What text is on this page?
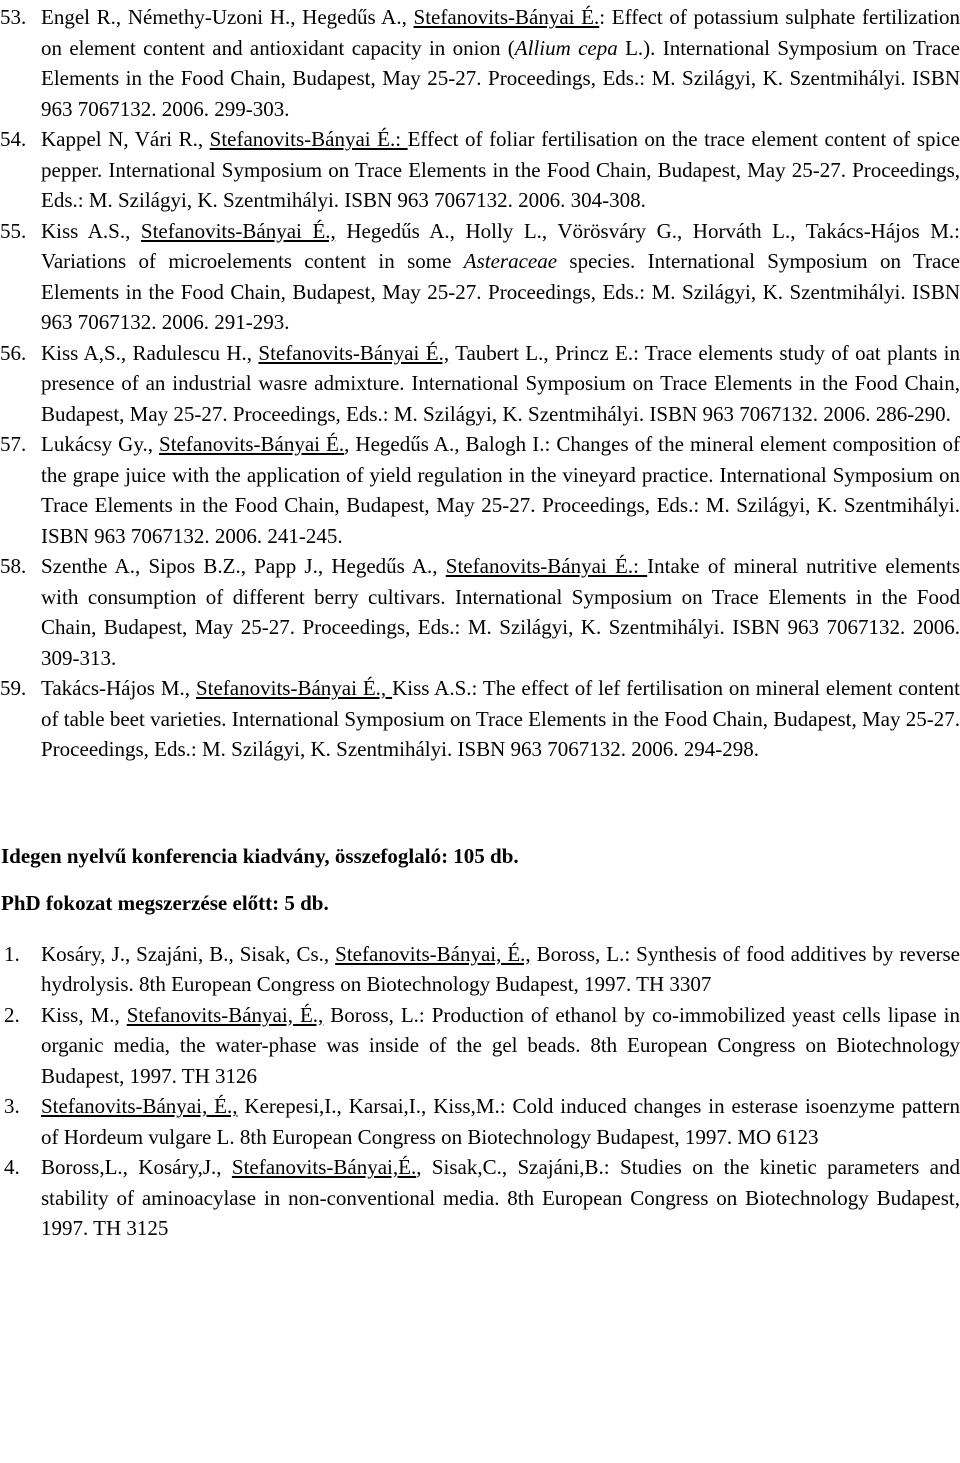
53. Engel R., Némethy-Uzoni H., Hegedűs A., Stefanovits-Bányai É.: Effect of potassium sulphate fertilization on element content and antioxidant capacity in onion (Allium cepa L.). International Symposium on Trace Elements in the Food Chain, Budapest, May 25-27. Proceedings, Eds.: M. Szilágyi, K. Szentmihályi. ISBN 963 7067132. 2006. 299-303.
54. Kappel N, Vári R., Stefanovits-Bányai É.: Effect of foliar fertilisation on the trace element content of spice pepper. International Symposium on Trace Elements in the Food Chain, Budapest, May 25-27. Proceedings, Eds.: M. Szilágyi, K. Szentmihályi. ISBN 963 7067132. 2006. 304-308.
55. Kiss A.S., Stefanovits-Bányai É., Hegedűs A., Holly L., Vörösváry G., Horváth L., Takács-Hájos M.: Variations of microelements content in some Asteraceae species. International Symposium on Trace Elements in the Food Chain, Budapest, May 25-27. Proceedings, Eds.: M. Szilágyi, K. Szentmihályi. ISBN 963 7067132. 2006. 291-293.
56. Kiss A,S., Radulescu H., Stefanovits-Bányai É., Taubert L., Princz E.: Trace elements study of oat plants in presence of an industrial wasre admixture. International Symposium on Trace Elements in the Food Chain, Budapest, May 25-27. Proceedings, Eds.: M. Szilágyi, K. Szentmihályi. ISBN 963 7067132. 2006. 286-290.
57. Lukácsy Gy., Stefanovits-Bányai É., Hegedűs A., Balogh I.: Changes of the mineral element composition of the grape juice with the application of yield regulation in the vineyard practice. International Symposium on Trace Elements in the Food Chain, Budapest, May 25-27. Proceedings, Eds.: M. Szilágyi, K. Szentmihályi. ISBN 963 7067132. 2006. 241-245.
58. Szenthe A., Sipos B.Z., Papp J., Hegedűs A., Stefanovits-Bányai É.: Intake of mineral nutritive elements with consumption of different berry cultivars. International Symposium on Trace Elements in the Food Chain, Budapest, May 25-27. Proceedings, Eds.: M. Szilágyi, K. Szentmihályi. ISBN 963 7067132. 2006. 309-313.
59. Takács-Hájos M., Stefanovits-Bányai É., Kiss A.S.: The effect of lef fertilisation on mineral element content of table beet varieties. International Symposium on Trace Elements in the Food Chain, Budapest, May 25-27. Proceedings, Eds.: M. Szilágyi, K. Szentmihályi. ISBN 963 7067132. 2006. 294-298.

Idegen nyelvű konferencia kiadvány, összefoglaló: 105 db.

PhD fokozat megszerzése előtt: 5 db.

1. Kosáry, J., Szajáni, B., Sisak, Cs., Stefanovits-Bányai, É., Boross, L.: Synthesis of food additives by reverse hydrolysis. 8th European Congress on Biotechnology Budapest, 1997. TH 3307
2. Kiss, M., Stefanovits-Bányai, É., Boross, L.: Production of ethanol by co-immobilized yeast cells lipase in organic media, the water-phase was inside of the gel beads. 8th European Congress on Biotechnology Budapest, 1997. TH 3126
3. Stefanovits-Bányai, É., Kerepesi,I., Karsai,I., Kiss,M.: Cold induced changes in esterase isoenzyme pattern of Hordeum vulgare L. 8th European Congress on Biotechnology Budapest, 1997. MO 6123
4. Boross,L., Kosáry,J., Stefanovits-Bányai,É., Sisak,C., Szajáni,B.: Studies on the kinetic parameters and stability of aminoacylase in non-conventional media. 8th European Congress on Biotechnology Budapest, 1997. TH 3125
